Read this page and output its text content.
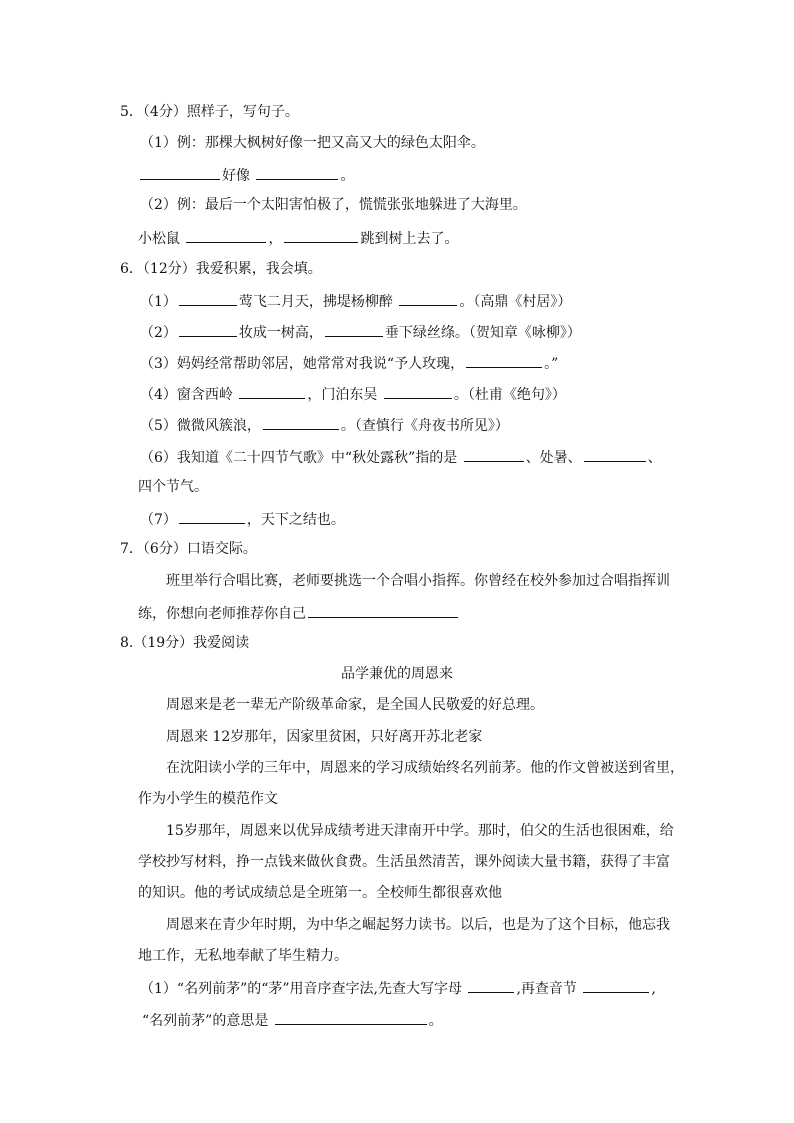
5．（4分）照样子，写句子。
（1）例：那棵大枫树好像一把又高又大的绿色太阳伞。
好像	。
（2）例：最后一个太阳害怕极了，慌慌张张地躲进了大海里。
小松鼠	，	跳到树上去了。
6．（12分）我爱积累，我会填。
（1）	莺飞二月天，拂堤杨柳醉	。（高鼎《村居》）
（2）	妆成一树高，	垂下绿丝绦。（贺知章《咏柳》）
（3）妈妈经常帮助邻居，她常常对我说“予人玫瑰，	。”
（4）窗含西岭	，门泊东吴	。（杜甫《绝句》）
（5）微微风簇浪，	。（查慎行《舟夜书所见》）
（6）我知道《二十四节气歌》中“秋处露秋”指的是	、处暑、	、
四个节气。
（7）	，天下之结也。
7．（6分）口语交际。
班里举行合唱比赛，老师要挑选一个合唱小指挥。你曾经在校外参加过合唱指挥训
练，你想向老师推荐你自己
8.（19分）我爱阅读
品学兼优的周恩来
周恩来是老一辈无产阶级革命家，是全国人民敬爱的好总理。
周恩来 12岁那年，因家里贫困，只好离开苏北老家
在沈阳读小学的三年中，周恩来的学习成绩始终名列前茅。他的作文曾被送到省里，
作为小学生的模范作文
15岁那年，周恩来以优异成绩考进天津南开中学。那时，伯父的生活也很困难，给
学校抄写材料，挣一点钱来做伙食费。生活虽然清苦，课外阅读大量书籍，获得了丰富
的知识。他的考试成绩总是全班第一。全校师生都很喜欢他
周恩来在青少年时期，为中华之崛起努力读书。以后，也是为了这个目标，他忘我
地工作，无私地奉献了毕生精力。
（1）“名列前茅”的“茅”用音序查字法,先查大写字母	,再查音节	,
“名列前茅”的意思是	。
